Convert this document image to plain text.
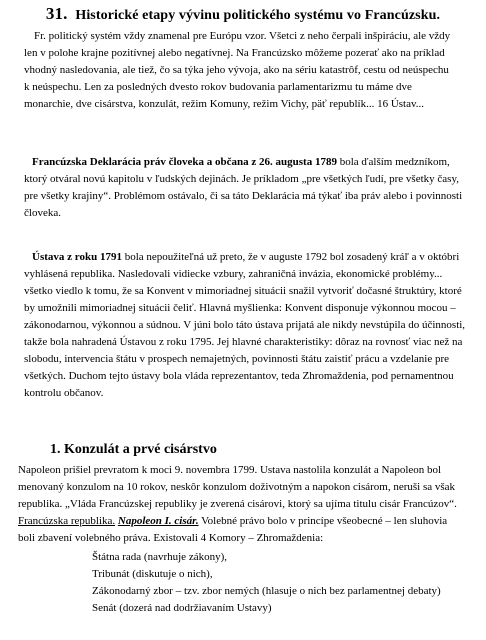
31. Historické etapy vývinu politického systému vo Francúzsku.
Fr. politický systém vždy znamenal pre Európu vzor. Všetci z neho čerpali inšpiráciu, ale vždy
len v polohe krajne pozitívnej alebo negatívnej. Na Francúzsko môžeme pozerať ako na príklad
vhodný nasledovania, ale tiež, čo sa týka jeho vývoja, ako na sériu katastrôf, cestu od neúspechu
k neúspechu. Len za posledných dvesto rokov budovania parlamentarizmu tu máme dve
monarchie, dve cisárstva, konzulát, režim Komuny, režim Vichy, päť republík... 16 Ústav...
Francúzska Deklarácia práv človeka a občana z 26. augusta 1789 bola ďalším medzníkom,
ktorý otváral novú kapitolu v ľudských dejinách. Je príkladom „pre všetkých ľudí, pre všetky časy,
pre všetky krajiny“. Problémom ostávalo, či sa táto Deklarácia má týkať iba práv alebo i povinnosti
človeka.
Ústava z roku 1791 bola nepoužiteľná už preto, že v auguste 1792 bol zosadený kráľ a v októbri
vyhlásená republika. Nasledovali vidiecke vzbury, zahraničná invázia, ekonomické problémy...
všetko viedlo k tomu, že sa Konvent v mimoriadnej situácii snažil vytvoriť dočasné štruktúry, ktoré
by umožnili mimoriadnej situácii čeliť. Hlavná myšlienka: Konvent disponuje výkonnou mocou –
zákonodarnou, výkonnou a súdnou. V júni bolo táto ústava prijatá ale nikdy nevstúpila do účinnosti,
takže bola nahradená Ústavou z roku 1795. Jej hlavné charakteristiky: dôraz na rovnosť viac než na
slobodu, intervencia štátu v prospech nemajetných, povinnosti štátu zaistiť prácu a vzdelanie pre
všetkých. Duchom tejto ústavy bola vláda reprezentantov, teda Zhromaždenia, pod pernamentnou
kontrolu občanov.
1. Konzulát a prvé cisárstvo
Napoleon prišiel prevratom k moci 9. novembra 1799. Ustava nastolila konzulát a Napoleon bol
menovaný konzulom na 10 rokov, neskôr konzulom doživotným a napokon cisárom, neruši sa však
republika. „Vláda Francúzskej republiky je zverená cisárovi, ktorý sa ujíma titulu cisár Francúzov“.
Francúzska republika. Napoleon I. cisár. Volebné právo bolo v princípe všeobecné – len sluhovia
boli zbavení volebného práva. Existovali 4 Komory – Zhromaždenia:
Štátna rada (navrhuje zákony),
Tribunát (diskutuje o nich),
Zákonodarný zbor – tzv. zbor nemých (hlasuje o nich bez parlamentnej debaty)
Senát (dozerá nad dodržiavaním Ustavy)
